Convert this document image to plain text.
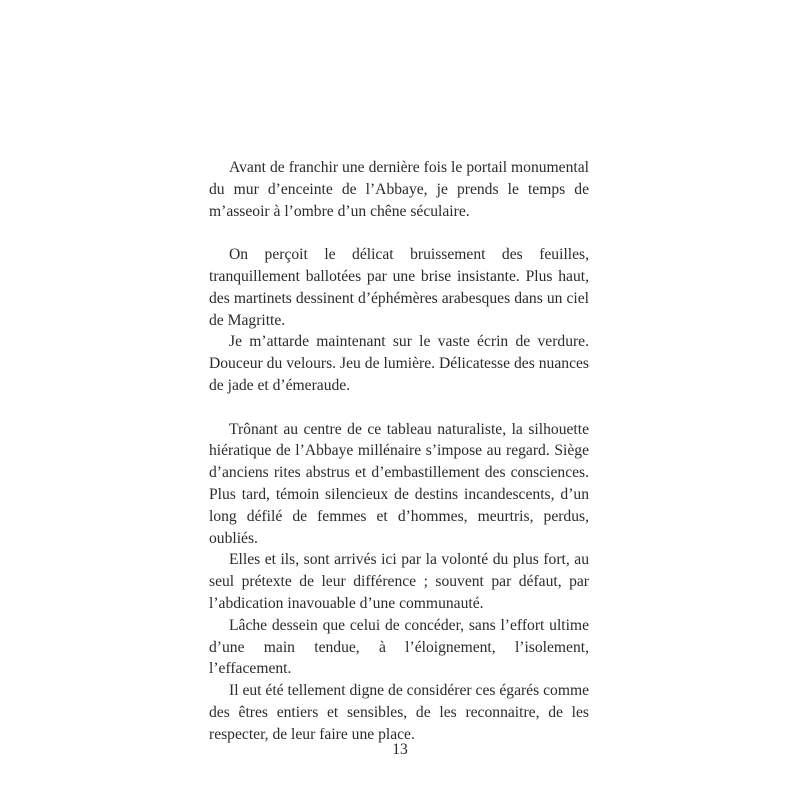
Avant de franchir une dernière fois le portail monumental du mur d’enceinte de l’Abbaye, je prends le temps de m’asseoir à l’ombre d’un chêne séculaire.

On perçoit le délicat bruissement des feuilles, tranquillement ballotées par une brise insistante. Plus haut, des martinets dessinent d’éphémères arabesques dans un ciel de Magritte.

Je m’attarde maintenant sur le vaste écrin de verdure. Douceur du velours. Jeu de lumière. Délicatesse des nuances de jade et d’émeraude.

Trônant au centre de ce tableau naturaliste, la silhouette hiératique de l’Abbaye millénaire s’impose au regard. Siège d’anciens rites abstrus et d’embastillement des consciences. Plus tard, témoin silencieux de destins incandescents, d’un long défilé de femmes et d’hommes, meurtris, perdus, oubliés.

Elles et ils, sont arrivés ici par la volonté du plus fort, au seul prétexte de leur différence ; souvent par défaut, par l’abdication inavouable d’une communauté.

Lâche dessein que celui de concéder, sans l’effort ultime d’une main tendue, à l’éloignement, l’isolement, l’effacement.

Il eut été tellement digne de considérer ces égarés comme des êtres entiers et sensibles, de les reconnaitre, de les respecter, de leur faire une place.

13
